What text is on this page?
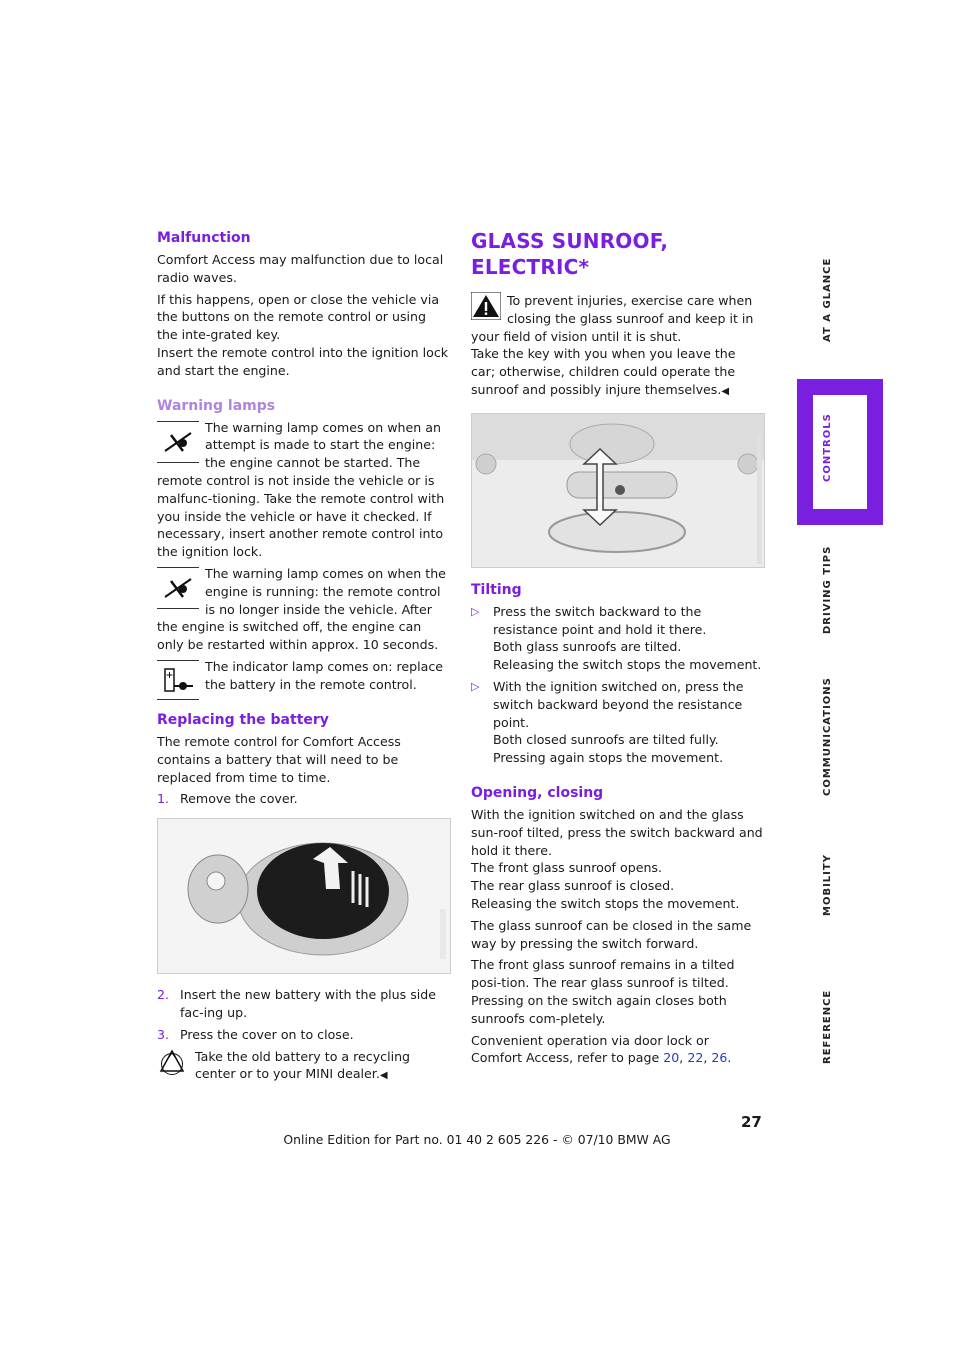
Malfunction

Comfort Access may malfunction due to local radio waves.

If this happens, open or close the vehicle via the buttons on the remote control or using the inte-grated key.

Insert the remote control into the ignition lock and start the engine.

Warning lamps
The warning lamp comes on when an attempt is made to start the engine: the engine cannot be started. The remote control is not inside the vehicle or is malfunc-tioning. Take the remote control with you inside the vehicle or have it checked. If necessary, insert another remote control into the ignition lock.
The warning lamp comes on when the engine is running: the remote control is no longer inside the vehicle. After the engine is switched off, the engine can only be restarted within approx. 10 seconds.
The indicator lamp comes on: replace the battery in the remote control.
Replacing the battery

The remote control for Comfort Access contains a battery that will need to be replaced from time to time.

1. Remove the cover.
2. Insert the new battery with the plus side fac-ing up.
3. Press the cover on to close.
Take the old battery to a recycling center or to your MINI dealer.◀
GLASS SUNROOF, ELECTRIC*
To prevent injuries, exercise care when closing the glass sunroof and keep it in your field of vision until it is shut.

Take the key with you when you leave the car; otherwise, children could operate the sunroof and possibly injure themselves.◀

Tilting
▷	Press the switch backward to the resistance point and hold it there.
Both glass sunroofs are tilted.
Releasing the switch stops the movement.
▷	With the ignition switched on, press the switch backward beyond the resistance point.
Both closed sunroofs are tilted fully.
Pressing again stops the movement.
Opening, closing

With the ignition switched on and the glass sun-roof tilted, press the switch backward and hold it there.

The front glass sunroof opens.
The rear glass sunroof is closed.

Releasing the switch stops the movement.

The glass sunroof can be closed in the same way by pressing the switch forward.

The front glass sunroof remains in a tilted posi-tion. The rear glass sunroof is tilted. Pressing on the switch again closes both sunroofs com-pletely.

Convenient operation via door lock or Comfort Access, refer to page 20, 22, 26.

AT A GLANCE
CONTROLS
DRIVING TIPS
COMMUNICATIONS
MOBILITY
REFERENCE
27
Online Edition for Part no. 01 40 2 605 226 - © 07/10 BMW AG
